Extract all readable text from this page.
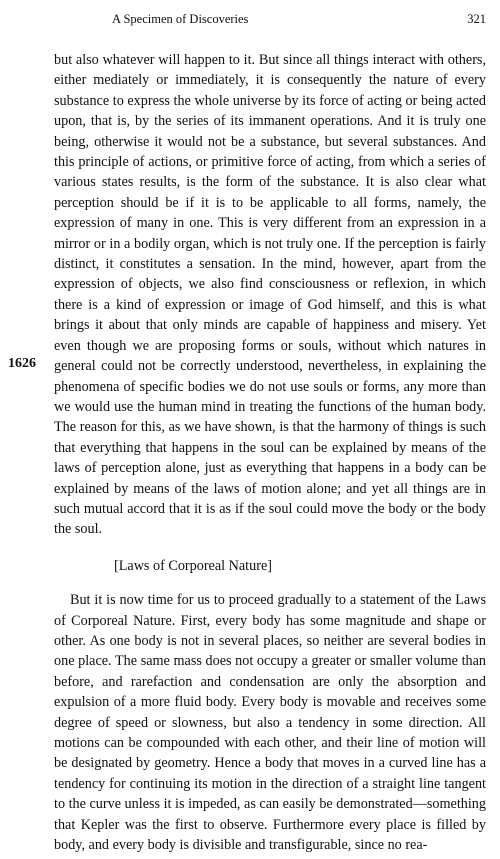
A Specimen of Discoveries	321
1626

but also whatever will happen to it. But since all things interact with others, either mediately or immediately, it is consequently the nature of every substance to express the whole universe by its force of acting or being acted upon, that is, by the series of its immanent operations. And it is truly one being, otherwise it would not be a substance, but several substances. And this principle of actions, or primitive force of acting, from which a series of various states results, is the form of the substance. It is also clear what perception should be if it is to be applicable to all forms, namely, the expression of many in one. This is very different from an expression in a mirror or in a bodily organ, which is not truly one. If the perception is fairly distinct, it constitutes a sensation. In the mind, however, apart from the expression of objects, we also find consciousness or reflexion, in which there is a kind of expression or image of God himself, and this is what brings it about that only minds are capable of happiness and misery. Yet even though we are proposing forms or souls, without which natures in general could not be correctly understood, nevertheless, in explaining the phenomena of specific bodies we do not use souls or forms, any more than we would use the human mind in treating the functions of the human body. The reason for this, as we have shown, is that the harmony of things is such that everything that happens in the soul can be explained by means of the laws of perception alone, just as everything that happens in a body can be explained by means of the laws of motion alone; and yet all things are in such mutual accord that it is as if the soul could move the body or the body the soul.

[Laws of Corporeal Nature]

But it is now time for us to proceed gradually to a statement of the Laws of Corporeal Nature. First, every body has some magnitude and shape or other. As one body is not in several places, so neither are several bodies in one place. The same mass does not occupy a greater or smaller volume than before, and rarefaction and condensation are only the absorption and expulsion of a more fluid body. Every body is movable and receives some degree of speed or slowness, but also a tendency in some direction. All motions can be compounded with each other, and their line of motion will be designated by geometry. Hence a body that moves in a curved line has a tendency for continuing its motion in the direction of a straight line tangent to the curve unless it is impeded, as can easily be demonstrated—something that Kepler was the first to observe. Furthermore every place is filled by body, and every body is divisible and transfigurable, since no rea-
